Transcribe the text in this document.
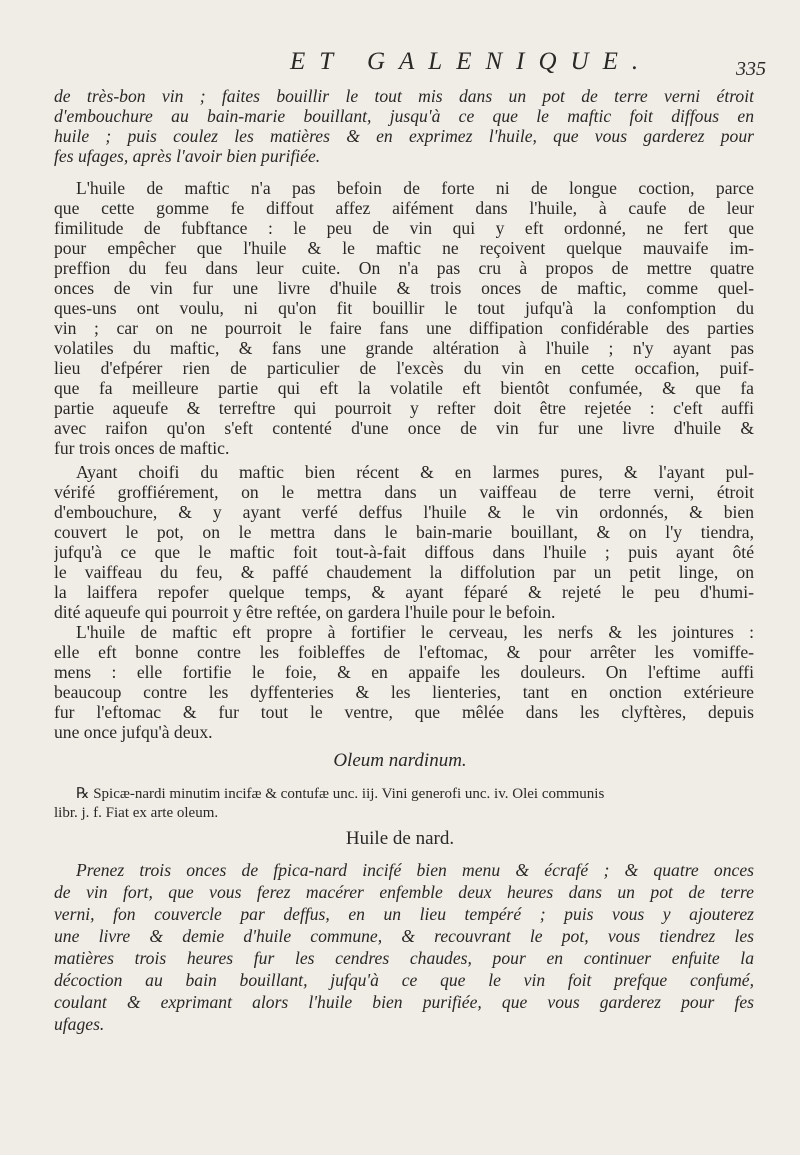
ET GALENIQUE.	335
de très-bon vin ; faites bouillir le tout mis dans un pot de terre verni étroit
d'embouchure au bain-marie bouillant, jusqu'à ce que le maftic foit diffous en
huile ; puis coulez les matières & en exprimez l'huile, que vous garderez pour
fes ufages, après l'avoir bien purifiée.
L'huile de maftic n'a pas befoin de forte ni de longue coction, parce
que cette gomme fe diffout affez aifément dans l'huile, à caufe de leur
fimilitude de fubftance : le peu de vin qui y eft ordonné, ne fert que
pour empêcher que l'huile & le maftic ne reçoivent quelque mauvaife im-
preffion du feu dans leur cuite. On n'a pas cru à propos de mettre quatre
onces de vin fur une livre d'huile & trois onces de maftic, comme quel-
ques-uns ont voulu, ni qu'on fit bouillir le tout jufqu'à la confomption du
vin ; car on ne pourroit le faire fans une diffipation confidérable des parties
volatiles du maftic, & fans une grande altération à l'huile ; n'y ayant pas
lieu d'efpérer rien de particulier de l'excès du vin en cette occafion, puif-
que fa meilleure partie qui eft la volatile eft bientôt confumée, & que fa
partie aqueufe & terreftre qui pourroit y refter doit être rejetée : c'eft auffi
avec raifon qu'on s'eft contenté d'une once de vin fur une livre d'huile &
fur trois onces de maftic.
Ayant choifi du maftic bien récent & en larmes pures, & l'ayant pul-
vérifé groffiérement, on le mettra dans un vaiffeau de terre verni, étroit
d'embouchure, & y ayant verfé deffus l'huile & le vin ordonnés, & bien
couvert le pot, on le mettra dans le bain-marie bouillant, & on l'y tiendra,
jufqu'à ce que le maftic foit tout-à-fait diffous dans l'huile ; puis ayant ôté
le vaiffeau du feu, & paffé chaudement la diffolution par un petit linge, on
la laiffera repofer quelque temps, & ayant féparé & rejeté le peu d'humi-
dité aqueufe qui pourroit y être reftée, on gardera l'huile pour le befoin.
L'huile de maftic eft propre à fortifier le cerveau, les nerfs & les jointures :
elle eft bonne contre les foibleffes de l'eftomac, & pour arrêter les vomiffe-
mens : elle fortifie le foie, & en appaife les douleurs. On l'eftime auffi
beaucoup contre les dyffenteries & les lienteries, tant en onction extérieure
fur l'eftomac & fur tout le ventre, que mêlée dans les clyftères, depuis
une once jufqu'à deux.
Oleum nardinum.
℞ Spicæ-nardi minutim incifæ & contufæ unc. iij. Vini generofi unc. iv. Olei communis
libr. j. f. Fiat ex arte oleum.
Huile de nard.
Prenez trois onces de fpica-nard incifé bien menu & écrafé ; & quatre onces
de vin fort, que vous ferez macérer enfemble deux heures dans un pot de terre
verni, fon couvercle par deffus, en un lieu tempéré ; puis vous y ajouterez
une livre & demie d'huile commune, & recouvrant le pot, vous tiendrez les
matières trois heures fur les cendres chaudes, pour en continuer enfuite la
décoction au bain bouillant, jufqu'à ce que le vin foit prefque confumé,
coulant & exprimant alors l'huile bien purifiée, que vous garderez pour fes
ufages.
